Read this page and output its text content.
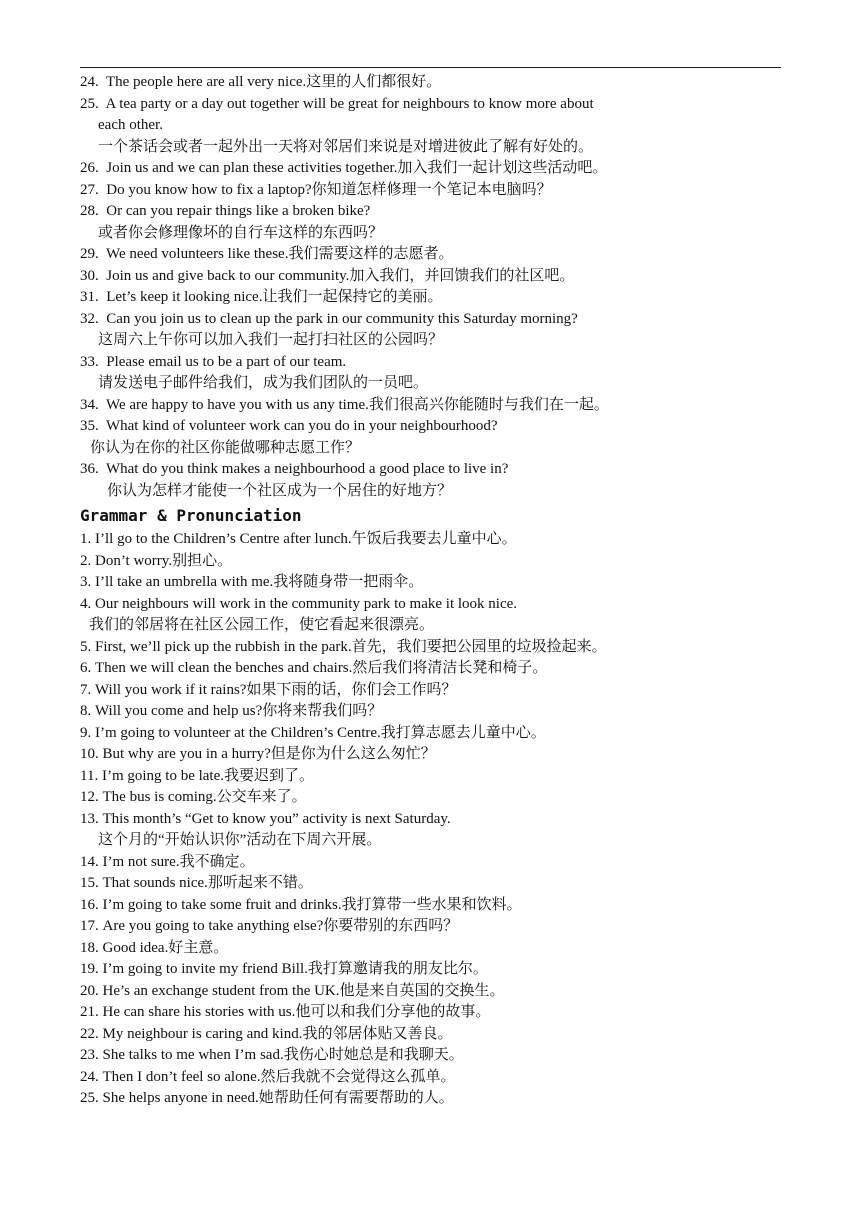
24. The people here are all very nice.这里的人们都很好。
25. A tea party or a day out together will be great for neighbours to know more about
each other.
一个茶话会或者一起外出一天将对邻居们来说是对增进彼此了解有好处的。
26. Join us and we can plan these activities together.加入我们一起计划这些活动吧。
27. Do you know how to fix a laptop?你知道怎样修理一个笔记本电脑吗？
28. Or can you repair things like a broken bike?
或者你会修理像坏的自行车这样的东西吗？
29. We need volunteers like these.我们需要这样的志愿者。
30. Join us and give back to our community.加入我们，并回馈我们的社区吧。
31. Let’s keep it looking nice.让我们一起保持它的美丽。
32. Can you join us to clean up the park in our community this Saturday morning?
这周六上午你可以加入我们一起打扫社区的公园吗？
33. Please email us to be a part of our team.
请发送电子邮件给我们，成为我们团队的一员吧。
34. We are happy to have you with us any time.我们很高兴你能随时与我们在一起。
35. What kind of volunteer work can you do in your neighbourhood?
你认为在你的社区你能做哪种志愿工作？
36. What do you think makes a neighbourhood a good place to live in?
你认为怎样才能使一个社区成为一个居住的好地方？
Grammar & Pronunciation
1. I’ll go to the Children’s Centre after lunch.午饭后我要去儿童中心。
2. Don’t worry.别担心。
3. I’ll take an umbrella with me.我将随身带一把雨伞。
4. Our neighbours will work in the community park to make it look nice.
我们的邻居将在社区公园工作，使它看起来很漂亮。
5. First, we’ll pick up the rubbish in the park.首先，我们要把公园里的垃圾捡起来。
6. Then we will clean the benches and chairs.然后我们将清洁长凳和椅子。
7. Will you work if it rains?如果下雨的话，你们会工作吗？
8. Will you come and help us?你将来帮我们吗？
9. I’m going to volunteer at the Children’s Centre.我打算志愿去儿童中心。
10. But why are you in a hurry?但是你为什么这么匆忙？
11. I’m going to be late.我要迟到了。
12. The bus is coming.公交车来了。
13. This month’s “Get to know you” activity is next Saturday.
这个月的“开始认识你”活动在下周六开展。
14. I’m not sure.我不确定。
15. That sounds nice.那听起来不错。
16. I’m going to take some fruit and drinks.我打算带一些水果和饮料。
17. Are you going to take anything else?你要带别的东西吗？
18. Good idea.好主意。
19. I’m going to invite my friend Bill.我打算邀请我的朋友比尔。
20. He’s an exchange student from the UK.他是来自英国的交换生。
21. He can share his stories with us.他可以和我们分享他的故事。
22. My neighbour is caring and kind.我的邻居体贴又善良。
23. She talks to me when I’m sad.我伤心时她总是和我聊天。
24. Then I don’t feel so alone.然后我就不会觉得这么孤单。
25. She helps anyone in need.她帮助任何有需要帮助的人。
